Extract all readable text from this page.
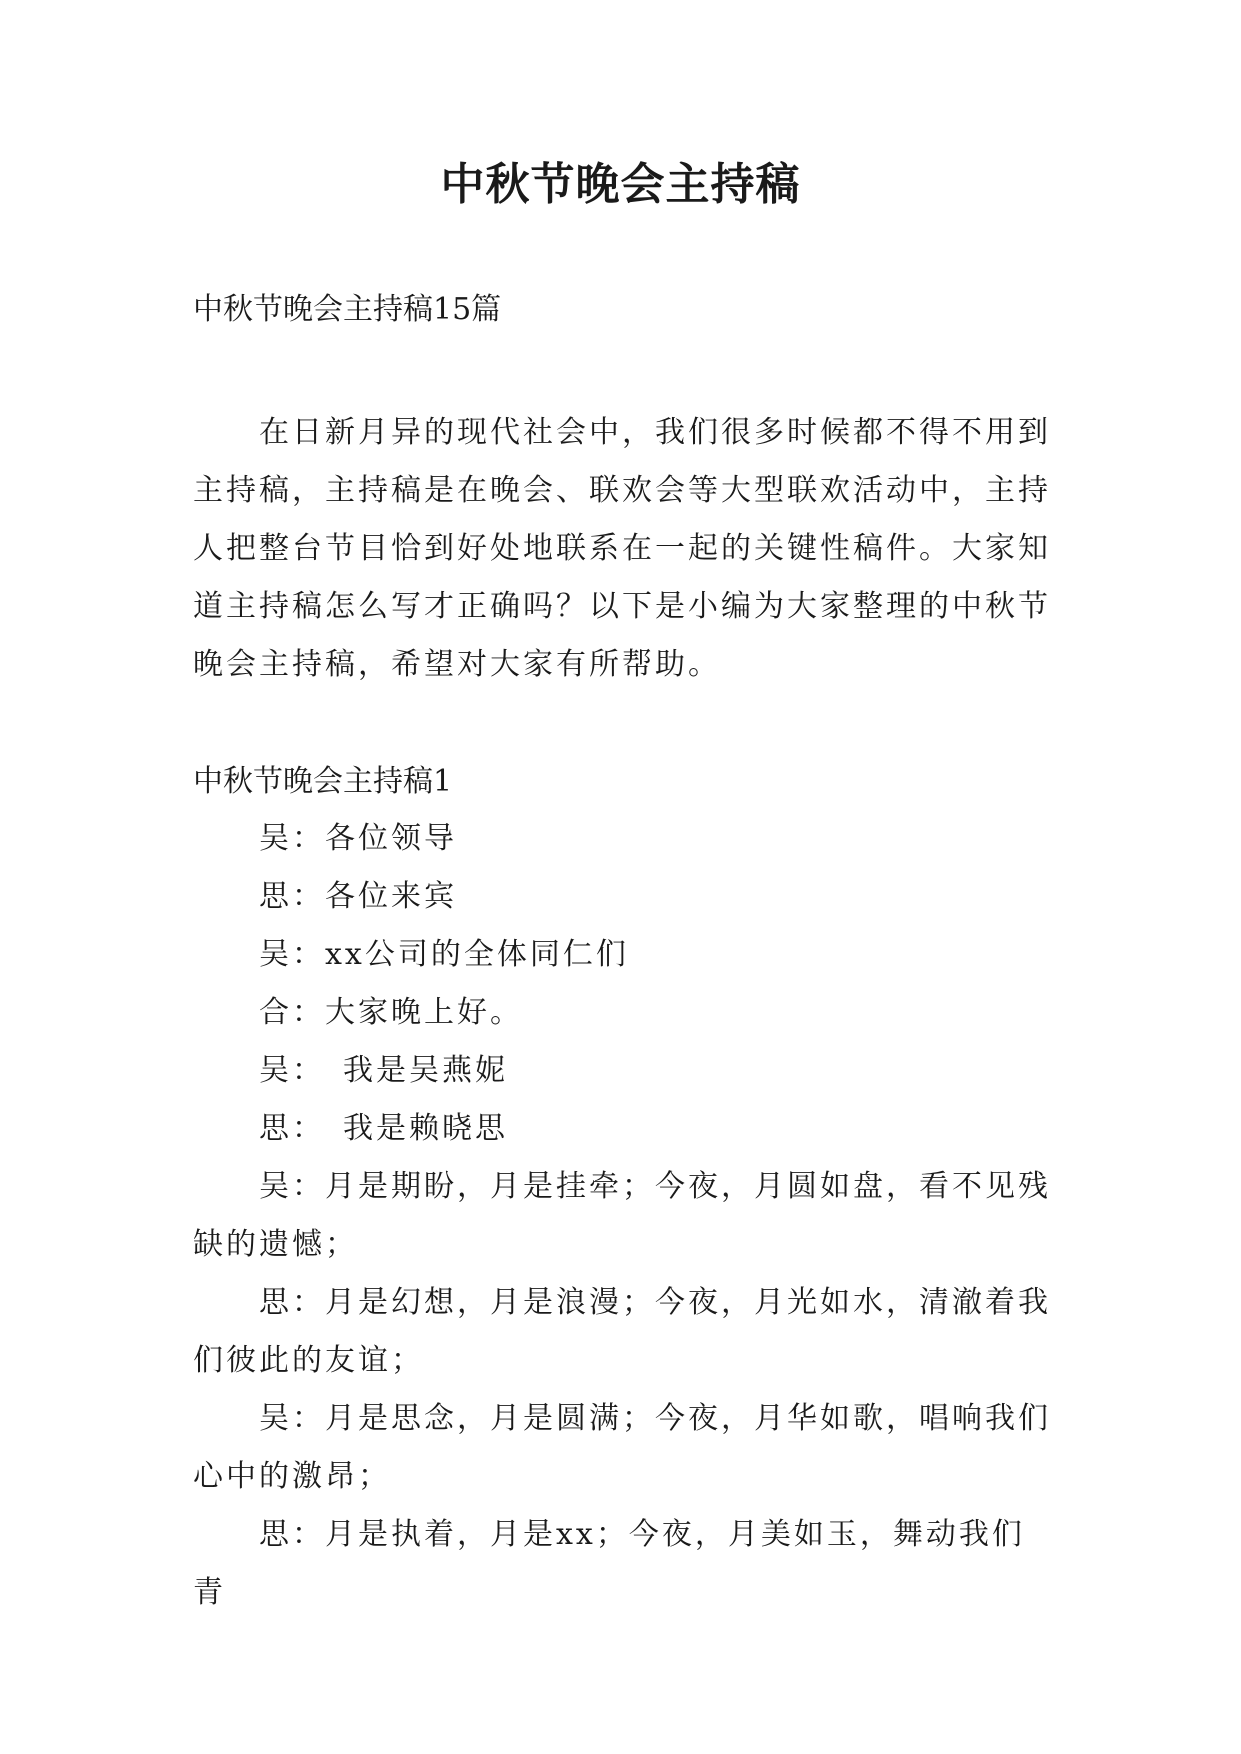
中秋节晚会主持稿

中秋节晚会主持稿15篇

在日新月异的现代社会中，我们很多时候都不得不用到主持稿，主持稿是在晚会、联欢会等大型联欢活动中，主持人把整台节目恰到好处地联系在一起的关键性稿件。大家知道主持稿怎么写才正确吗？以下是小编为大家整理的中秋节晚会主持稿，希望对大家有所帮助。

中秋节晚会主持稿1

吴：各位领导

思：各位来宾

吴：xx公司的全体同仁们

合：大家晚上好。

吴：　我是吴燕妮

思：　我是赖晓思

吴：月是期盼，月是挂牵；今夜，月圆如盘，看不见残缺的遗憾；

思：月是幻想，月是浪漫；今夜，月光如水，清澈着我们彼此的友谊；

吴：月是思念，月是圆满；今夜，月华如歌，唱响我们心中的激昂；

思：月是执着，月是xx；今夜，月美如玉，舞动我们青
